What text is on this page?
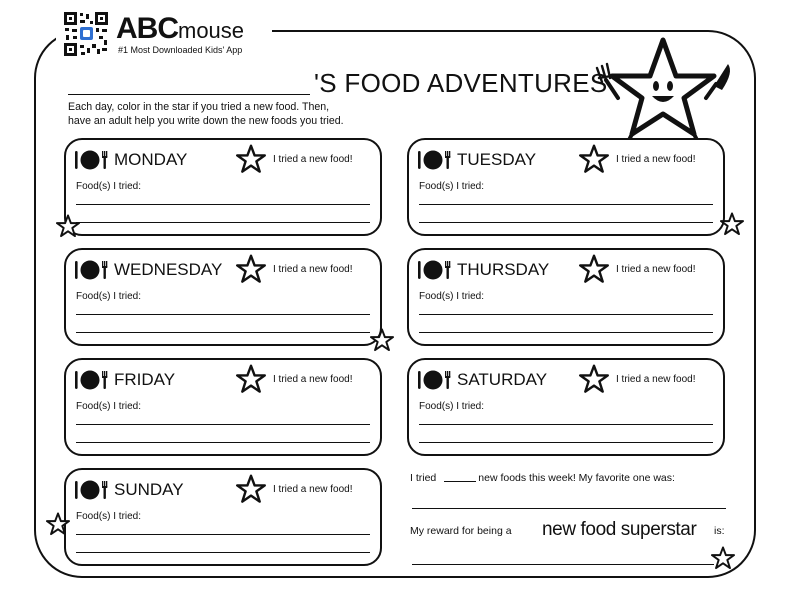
ABCmouse
#1 Most Downloaded Kids' App
'S FOOD ADVENTURES
Each day, color in the star if you tried a new food. Then,
have an adult help you write down the new foods you tried.
MONDAY	I tried a new food!
Food(s) I tried:
TUESDAY	I tried a new food!
Food(s) I tried:
WEDNESDAY	I tried a new food!
Food(s) I tried:
THURSDAY	I tried a new food!
Food(s) I tried:
FRIDAY	I tried a new food!
Food(s) I tried:
SATURDAY	I tried a new food!
Food(s) I tried:
SUNDAY	I tried a new food!
Food(s) I tried:
I tried	new foods this week! My favorite one was:
My reward for being a new food superstar is:
